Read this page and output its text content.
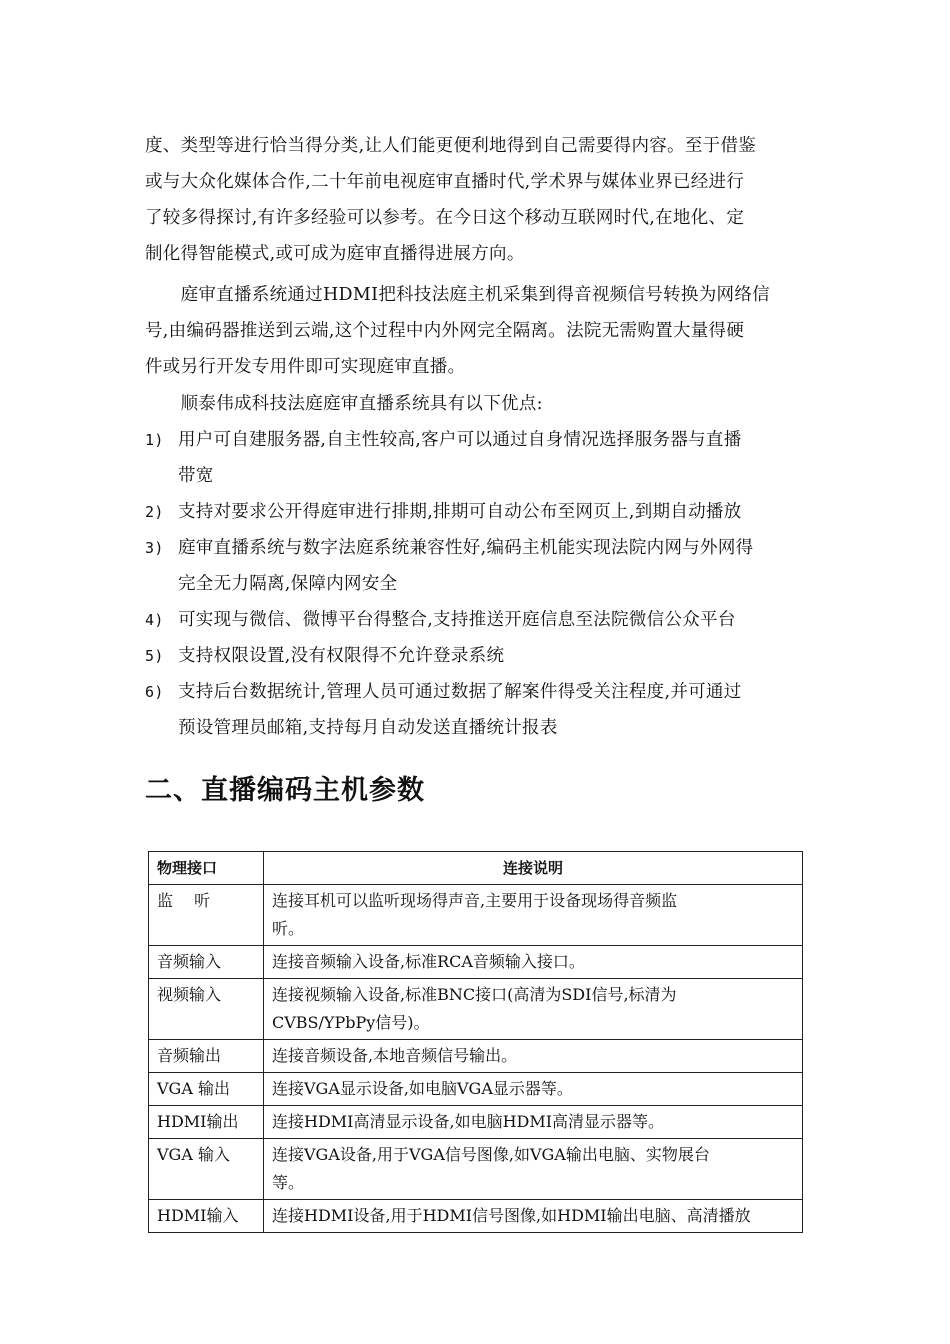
度、类型等进行恰当得分类,让人们能更便利地得到自己需要得内容。至于借鉴
或与大众化媒体合作,二十年前电视庭审直播时代,学术界与媒体业界已经进行
了较多得探讨,有许多经验可以参考。在今日这个移动互联网时代,在地化、定
制化得智能模式,或可成为庭审直播得进展方向。

　　庭审直播系统通过HDMI把科技法庭主机采集到得音视频信号转换为网络信
号,由编码器推送到云端,这个过程中内外网完全隔离。法院无需购置大量得硬
件或另行开发专用件即可实现庭审直播。

　　顺泰伟成科技法庭庭审直播系统具有以下优点:

1) 用户可自建服务器,自主性较高,客户可以通过自身情况选择服务器与直播
带宽
2) 支持对要求公开得庭审进行排期,排期可自动公布至网页上,到期自动播放
3) 庭审直播系统与数字法庭系统兼容性好,编码主机能实现法院内网与外网得
完全无力隔离,保障内网安全
4) 可实现与微信、微博平台得整合,支持推送开庭信息至法院微信公众平台
5) 支持权限设置,没有权限得不允许登录系统
6) 支持后台数据统计,管理人员可通过数据了解案件得受关注程度,并可通过
预设管理员邮箱,支持每月自动发送直播统计报表
二、直播编码主机参数
物理接口	连接说明
监　 听	连接耳机可以监听现场得声音,主要用于设备现场得音频监
听。
音频输入	连接音频输入设备,标准RCA音频输入接口。
视频输入	连接视频输入设备,标准BNC接口(高清为SDI信号,标清为
CVBS/YPbPy信号)。
音频输出	连接音频设备,本地音频信号输出。
VGA 输出	连接VGA显示设备,如电脑VGA显示器等。
HDMI输出	连接HDMI高清显示设备,如电脑HDMI高清显示器等。
VGA 输入	连接VGA设备,用于VGA信号图像,如VGA输出电脑、实物展台
等。
HDMI输入	连接HDMI设备,用于HDMI信号图像,如HDMI输出电脑、高清播放
